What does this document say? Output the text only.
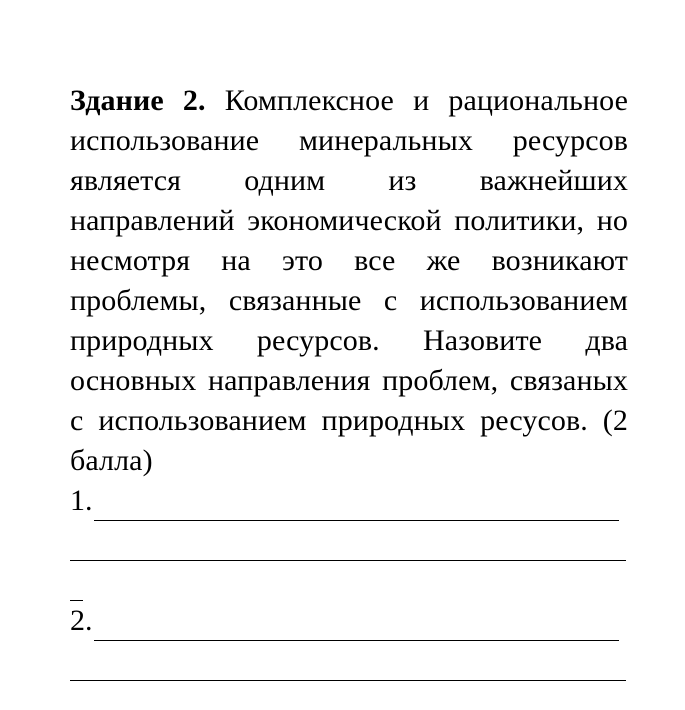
Здание 2. Комплексное и рациональное использование минеральных ресурсов является одним из важнейших направлений экономической политики, но несмотря на это все же возникают проблемы, связанные с использованием природных ресурсов. Назовите два основных направления проблем, связаных с использованием природных ресусов. (2 балла)
1.
2.
